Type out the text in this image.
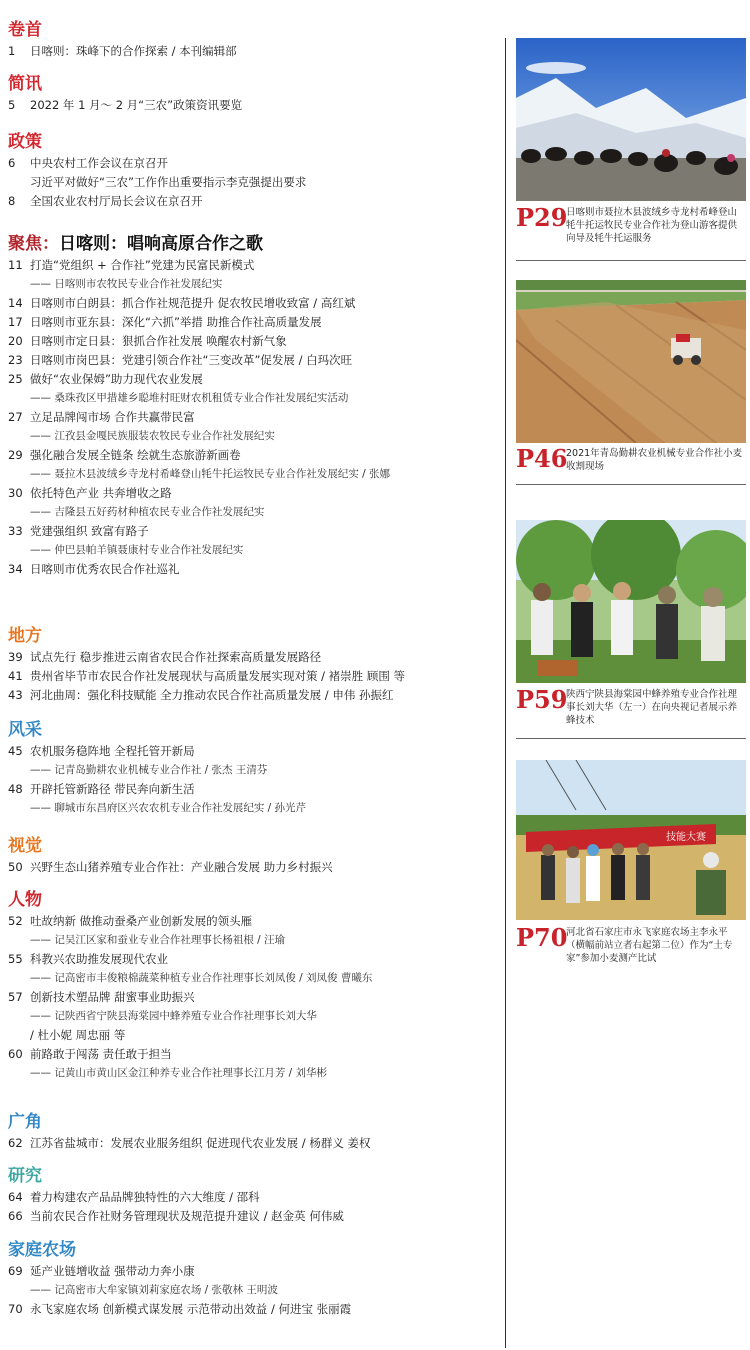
卷首
1	日喀则：珠峰下的合作探索 / 本刊编辑部
简讯
5	2022 年 1 月～ 2 月“三农”政策资讯要览
政策
6	中央农村工作会议在京召开
习近平对做好“三农”工作作出重要指示李克强提出要求
8	全国农业农村厅局长会议在京召开
聚焦：日喀则：唱响高原合作之歌
11 打造“党组织 + 合作社”党建为民富民新模式
—— 日喀则市农牧民专业合作社发展纪实
14 日喀则市白朗县：抓合作社规范提升 促农牧民增收致富 / 高红斌
17 日喀则市亚东县：深化“六抓”举措 助推合作社高质量发展
20 日喀则市定日县：狠抓合作社发展 唤醒农村新气象
23 日喀则市岗巴县：党建引领合作社“三变改革”促发展 / 白玛次旺
25 做好“农业保姆”助力现代农业发展
—— 桑珠孜区甲措雄乡聪堆村旺财农机租赁专业合作社发展纪实活动
27 立足品牌闯市场 合作共赢带民富
—— 江孜县金嘎民族服装农牧民专业合作社发展纪实
29 强化融合发展全链条 绘就生态旅游新画卷
—— 聂拉木县波绒乡寺龙村希峰登山牦牛托运牧民专业合作社发展纪实 / 张娜
30 依托特色产业 共奔增收之路
—— 吉隆县五好药材种植农民专业合作社发展纪实
33 党建强组织 致富有路子
—— 仲巴县帕羊镇聂康村专业合作社发展纪实
34 日喀则市优秀农民合作社巡礼
地方
39 试点先行 稳步推进云南省农民合作社探索高质量发展路径
41 贵州省毕节市农民合作社发展现状与高质量发展实现对策 / 褚崇胜 顾围 等
43 河北曲周：强化科技赋能 全力推动农民合作社高质量发展 / 申伟 孙振红
风采
45 农机服务稳阵地 全程托管开新局
—— 记青岛勤耕农业机械专业合作社 / 张杰 王清芬
48 开辟托管新路径 带民奔向新生活
—— 聊城市东昌府区兴农农机专业合作社发展纪实 / 孙光芹
视觉
50 兴野生态山猪养殖专业合作社：产业融合发展 助力乡村振兴
人物
52 吐故纳新 做推动蚕桑产业创新发展的领头雁
—— 记吴江区家和蚕业专业合作社理事长杨祖根 / 汪瑜
55 科教兴农助推发展现代农业
—— 记高密市丰俊粮棉蔬菜种植专业合作社理事长刘凤俊 / 刘凤俊 曹曦东
57 创新技术塑品牌 甜蜜事业助振兴
—— 记陕西省宁陕县海棠园中蜂养殖专业合作社理事长刘大华
/ 杜小妮 周忠丽 等
60 前路敢于闯荡 责任敢于担当
—— 记黄山市黄山区金江种养专业合作社理事长江月芳 / 刘华彬
广角
62 江苏省盐城市：发展农业服务组织 促进现代农业发展 / 杨群义 姜权
研究
64 着力构建农产品品牌独特性的六大维度 / 邵科
66 当前农民合作社财务管理现状及规范提升建议 / 赵金英 何伟威
家庭农场
69 延产业链增收益 强带动力奔小康
—— 记高密市大牟家镇刘莉家庭农场 / 张敬林 王明波
70 永飞家庭农场 创新模式谋发展 示范带动出效益 / 何进宝 张丽霞
P29
日喀则市聂拉木县波绒乡寺龙村希峰登山牦牛托运牧民专业合作社为登山游客提供向导及牦牛托运服务
P46
2021年青岛勤耕农业机械专业合作社小麦收割现场
P59
陕西宁陕县海棠园中蜂养殖专业合作社理事长刘大华（左一）在向央视记者展示养蜂技术
技能大赛
P70
河北省石家庄市永飞家庭农场主李永平（横幅前站立者右起第二位）作为“土专家”参加小麦测产比试
